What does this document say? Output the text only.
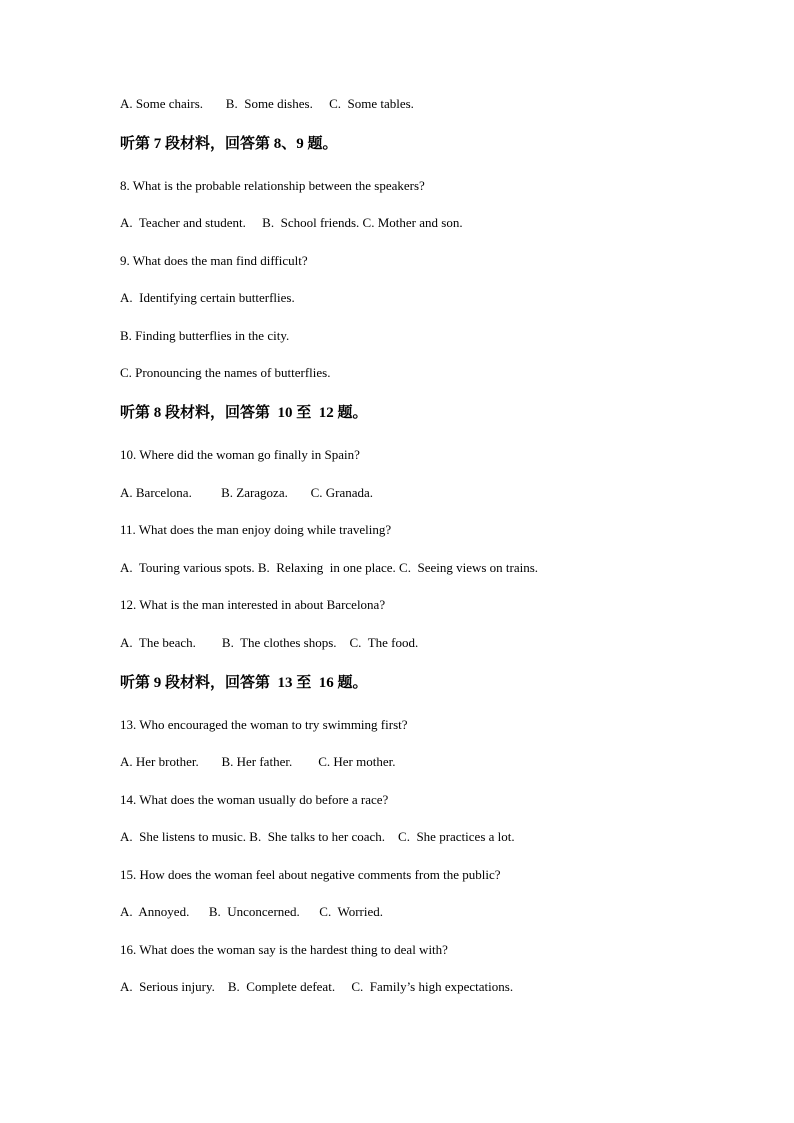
A. Some chairs.       B.  Some dishes.     C.  Some tables.
听第 7 段材料，回答第 8、9 题。
8. What is the probable relationship between the speakers?
A.  Teacher and student.     B.  School friends. C. Mother and son.
9. What does the man find difficult?
A.  Identifying certain butterflies.
B. Finding butterflies in the city.
C. Pronouncing the names of butterflies.
听第 8 段材料，回答第  10 至  12 题。
10. Where did the woman go finally in Spain?
A. Barcelona.         B. Zaragoza.       C. Granada.
11. What does the man enjoy doing while traveling?
A.  Touring various spots. B.  Relaxing  in one place. C.  Seeing views on trains.
12. What is the man interested in about Barcelona?
A.  The beach.        B.  The clothes shops.    C.  The food.
听第 9 段材料，回答第  13 至  16 题。
13. Who encouraged the woman to try swimming first?
A. Her brother.       B. Her father.        C. Her mother.
14. What does the woman usually do before a race?
A.  She listens to music. B.  She talks to her coach.    C.  She practices a lot.
15. How does the woman feel about negative comments from the public?
A.  Annoyed.      B.  Unconcerned.      C.  Worried.
16. What does the woman say is the hardest thing to deal with?
A.  Serious injury.    B.  Complete defeat.     C.  Family’s high expectations.
